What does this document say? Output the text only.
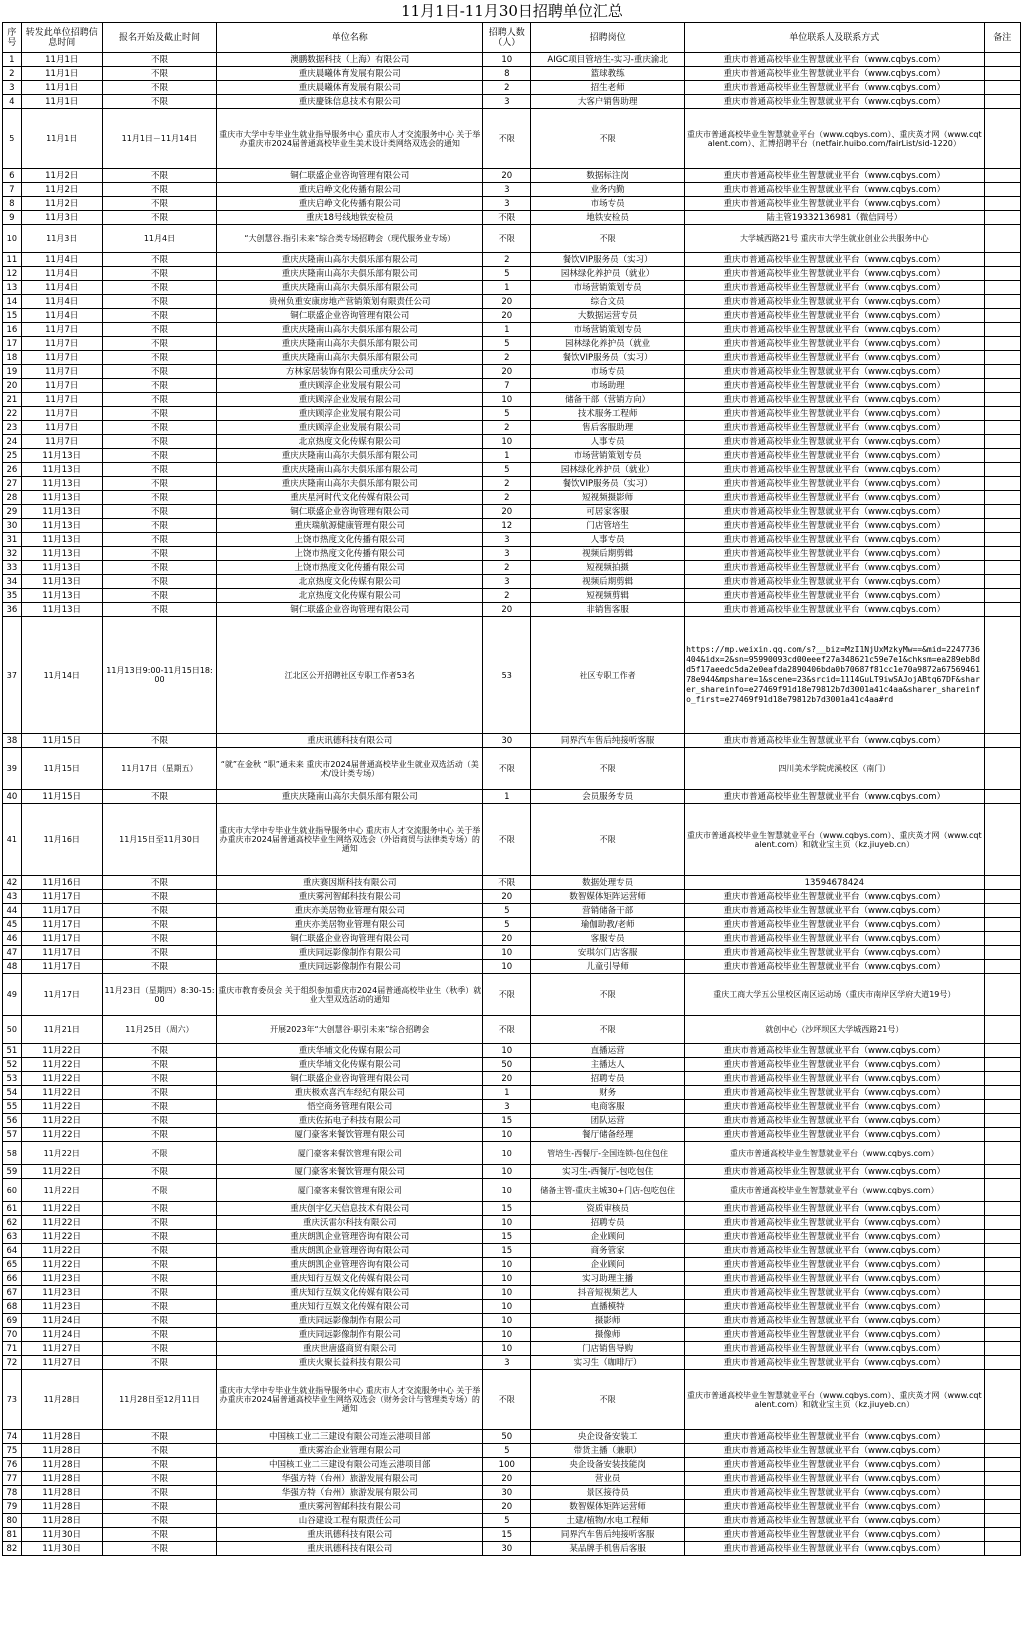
11月1日-11月30日招聘单位汇总
序号	转发此单位招聘信息时间	报名开始及截止时间	单位名称	招聘人数（人）	招聘岗位	单位联系人及联系方式	备注
1	11月1日	不限	澳鹏数据科技（上海）有限公司	10	AIGC项目管培生-实习-重庆渝北	重庆市普通高校毕业生智慧就业平台（www.cqbys.com）	
2	11月1日	不限	重庆晨曦体育发展有限公司	8	篮球教练	重庆市普通高校毕业生智慧就业平台（www.cqbys.com）	
3	11月1日	不限	重庆晨曦体育发展有限公司	2	招生老师	重庆市普通高校毕业生智慧就业平台（www.cqbys.com）	
4	11月1日	不限	重庆慶铢信息技术有限公司	3	大客户销售助理	重庆市普通高校毕业生智慧就业平台（www.cqbys.com）	
5	11月1日	11月1日－11月14日	重庆市大学中专毕业生就业指导服务中心 重庆市人才交流服务中心 关于举办重庆市2024届普通高校毕业生美术设计类网络双选会的通知	不限	不限	重庆市普通高校毕业生智慧就业平台（www.cqbys.com）、重庆英才网（www.cqtalent.com）、汇博招聘平台（netfair.huibo.com/fairList/sid-1220）	
6	11月2日	不限	铜仁联盛企业咨询管理有限公司	20	数据标注岗	重庆市普通高校毕业生智慧就业平台（www.cqbys.com）	
7	11月2日	不限	重庆启峥文化传播有限公司	3	业务内勤	重庆市普通高校毕业生智慧就业平台（www.cqbys.com）	
8	11月2日	不限	重庆启峥文化传播有限公司	3	市场专员	重庆市普通高校毕业生智慧就业平台（www.cqbys.com）	
9	11月3日	不限	重庆18号线地铁安检员	不限	地铁安检员	陆主管19332136981（微信同号）	
10	11月3日	11月4日	“大创慧谷.指引未来”综合类专场招聘会（现代服务业专场）	不限	不限	大学城西路21号 重庆市大学生就业创业公共服务中心	
11	11月4日	不限	重庆庆隆南山高尔夫俱乐部有限公司	2	餐饮VIP服务员（实习）	重庆市普通高校毕业生智慧就业平台（www.cqbys.com）	
12	11月4日	不限	重庆庆隆南山高尔夫俱乐部有限公司	5	园林绿化养护员（就业）	重庆市普通高校毕业生智慧就业平台（www.cqbys.com）	
13	11月4日	不限	重庆庆隆南山高尔夫俱乐部有限公司	1	市场营销策划专员	重庆市普通高校毕业生智慧就业平台（www.cqbys.com）	
14	11月4日	不限	贵州负重安康房地产营销策划有限责任公司	20	综合文员	重庆市普通高校毕业生智慧就业平台（www.cqbys.com）	
15	11月4日	不限	铜仁联盛企业咨询管理有限公司	20	大数据运营专员	重庆市普通高校毕业生智慧就业平台（www.cqbys.com）	
16	11月7日	不限	重庆庆隆南山高尔夫俱乐部有限公司	1	市场营销策划专员	重庆市普通高校毕业生智慧就业平台（www.cqbys.com）	
17	11月7日	不限	重庆庆隆南山高尔夫俱乐部有限公司	5	园林绿化养护员（就业	重庆市普通高校毕业生智慧就业平台（www.cqbys.com）	
18	11月7日	不限	重庆庆隆南山高尔夫俱乐部有限公司	2	餐饮VIP服务员（实习）	重庆市普通高校毕业生智慧就业平台（www.cqbys.com）	
19	11月7日	不限	方林家居装饰有限公司重庆分公司	20	市场专员	重庆市普通高校毕业生智慧就业平台（www.cqbys.com）	
20	11月7日	不限	重庆顾淳企业发展有限公司	7	市场助理	重庆市普通高校毕业生智慧就业平台（www.cqbys.com）	
21	11月7日	不限	重庆顾淳企业发展有限公司	10	储备干部（营销方向）	重庆市普通高校毕业生智慧就业平台（www.cqbys.com）	
22	11月7日	不限	重庆顾淳企业发展有限公司	5	技术服务工程师	重庆市普通高校毕业生智慧就业平台（www.cqbys.com）	
23	11月7日	不限	重庆顾淳企业发展有限公司	2	售后客服助理	重庆市普通高校毕业生智慧就业平台（www.cqbys.com）	
24	11月7日	不限	北京热度文化传媒有限公司	10	人事专员	重庆市普通高校毕业生智慧就业平台（www.cqbys.com）	
25	11月13日	不限	重庆庆隆南山高尔夫俱乐部有限公司	1	市场营销策划专员	重庆市普通高校毕业生智慧就业平台（www.cqbys.com）	
26	11月13日	不限	重庆庆隆南山高尔夫俱乐部有限公司	5	园林绿化养护员（就业）	重庆市普通高校毕业生智慧就业平台（www.cqbys.com）	
27	11月13日	不限	重庆庆隆南山高尔夫俱乐部有限公司	2	餐饮VIP服务员（实习）	重庆市普通高校毕业生智慧就业平台（www.cqbys.com）	
28	11月13日	不限	重庆星河时代文化传媒有限公司	2	短视频摄影师	重庆市普通高校毕业生智慧就业平台（www.cqbys.com）	
29	11月13日	不限	铜仁联盛企业咨询管理有限公司	20	可居家客服	重庆市普通高校毕业生智慧就业平台（www.cqbys.com）	
30	11月13日	不限	重庆瑞航源健康管理有限公司	12	门店管培生	重庆市普通高校毕业生智慧就业平台（www.cqbys.com）	
31	11月13日	不限	上饶市热度文化传播有限公司	3	人事专员	重庆市普通高校毕业生智慧就业平台（www.cqbys.com）	
32	11月13日	不限	上饶市热度文化传播有限公司	3	视频后期剪辑	重庆市普通高校毕业生智慧就业平台（www.cqbys.com）	
33	11月13日	不限	上饶市热度文化传播有限公司	2	短视频拍摄	重庆市普通高校毕业生智慧就业平台（www.cqbys.com）	
34	11月13日	不限	北京热度文化传媒有限公司	3	视频后期剪辑	重庆市普通高校毕业生智慧就业平台（www.cqbys.com）	
35	11月13日	不限	北京热度文化传媒有限公司	2	短视频剪辑	重庆市普通高校毕业生智慧就业平台（www.cqbys.com）	
36	11月13日	不限	铜仁联盛企业咨询管理有限公司	20	非销售客服	重庆市普通高校毕业生智慧就业平台（www.cqbys.com）	
37	11月14日	11月13日9:00-11月15日18:00	江北区公开招聘社区专职工作者53名	53	社区专职工作者	https://mp.weixin.qq.com/s?__biz=MzI1NjUxMzkyMw==&mid=2247736404&idx=2&sn=95990093cd00eeef27a348621c59e7e1&chksm=ea289eb8dd5f17aeedc5da2e0eafda2890406bda0b70687f81cc1e70a9872a6756946178e944&mpshare=1&scene=23&srcid=1114GuLT9iwSAJojABtq67DF&sharer_shareinfo=e27469f91d18e79812b7d3001a41c4aa&sharer_shareinfo_first=e27469f91d18e79812b7d3001a41c4aa#rd	
38	11月15日	不限	重庆讯德科技有限公司	30	同界汽车售后纯接听客服	重庆市普通高校毕业生智慧就业平台（www.cqbys.com）	
39	11月15日	11月17日（星期五）	“就”在金秋 “职”通未来 重庆市2024届普通高校毕业生就业双选活动（美术/设计类专场）	不限	不限	四川美术学院虎溪校区（南门）	
40	11月15日	不限	重庆庆隆南山高尔夫俱乐部有限公司	1	会员服务专员	重庆市普通高校毕业生智慧就业平台（www.cqbys.com）	
41	11月16日	11月15日至11月30日	重庆市大学中专毕业生就业指导服务中心 重庆市人才交流服务中心 关于举办重庆市2024届普通高校毕业生网络双选会（外语商贸与法律类专场）的通知	不限	不限	重庆市普通高校毕业生智慧就业平台（www.cqbys.com）、重庆英才网（www.cqtalent.com）和就业宝主页（kz.jiuyeb.cn）	
42	11月16日	不限	重庆赛因斯科技有限公司	不限	数据处理专员	13594678424	
43	11月17日	不限	重庆雾河智邮科技有限公司	20	数智媒体矩阵运营师	重庆市普通高校毕业生智慧就业平台（www.cqbys.com）	
44	11月17日	不限	重庆亦美居物业管理有限公司	5	营销储备干部	重庆市普通高校毕业生智慧就业平台（www.cqbys.com）	
45	11月17日	不限	重庆亦美居物业管理有限公司	5	瑜伽助教/老师	重庆市普通高校毕业生智慧就业平台（www.cqbys.com）	
46	11月17日	不限	铜仁联盛企业咨询管理有限公司	20	客服专员	重庆市普通高校毕业生智慧就业平台（www.cqbys.com）	
47	11月17日	不限	重庆同远影像制作有限公司	10	安琪尔门店客服	重庆市普通高校毕业生智慧就业平台（www.cqbys.com）	
48	11月17日	不限	重庆同远影像制作有限公司	10	儿童引导师	重庆市普通高校毕业生智慧就业平台（www.cqbys.com）	
49	11月17日	11月23日（星期四）8:30-15:00	重庆市教育委员会 关于组织参加重庆市2024届普通高校毕业生（秋季）就业大型双选活动的通知	不限	不限	重庆工商大学五公里校区南区运动场（重庆市南岸区学府大道19号）	
50	11月21日	11月25日（周六）	开展2023年“大创慧谷·职引未来”综合招聘会	不限	不限	就创中心（沙坪坝区大学城西路21号）	
51	11月22日	不限	重庆华埔文化传媒有限公司	10	直播运营	重庆市普通高校毕业生智慧就业平台（www.cqbys.com）	
52	11月22日	不限	重庆华埔文化传媒有限公司	50	主播达人	重庆市普通高校毕业生智慧就业平台（www.cqbys.com）	
53	11月22日	不限	铜仁联盛企业咨询管理有限公司	20	招聘专员	重庆市普通高校毕业生智慧就业平台（www.cqbys.com）	
54	11月22日	不限	重庆极欢喜汽车经纪有限公司	1	财务	重庆市普通高校毕业生智慧就业平台（www.cqbys.com）	
55	11月22日	不限	悟空商务管理有限公司	3	电商客服	重庆市普通高校毕业生智慧就业平台（www.cqbys.com）	
56	11月22日	不限	重庆佐拓电子科技有限公司	15	团队运营	重庆市普通高校毕业生智慧就业平台（www.cqbys.com）	
57	11月22日	不限	厦门豪客来餐饮管理有限公司	10	餐厅储备经理	重庆市普通高校毕业生智慧就业平台（www.cqbys.com）	
58	11月22日	不限	厦门豪客来餐饮管理有限公司	10	管培生-西餐厅-全国连锁-包住包住	重庆市普通高校毕业生智慧就业平台（www.cqbys.com）	
59	11月22日	不限	厦门豪客来餐饮管理有限公司	10	实习生-西餐厅-包吃包住	重庆市普通高校毕业生智慧就业平台（www.cqbys.com）	
60	11月22日	不限	厦门豪客来餐饮管理有限公司	10	储备主管-重庆主城30+门店-包吃包住	重庆市普通高校毕业生智慧就业平台（www.cqbys.com）	
61	11月22日	不限	重庆创宇亿天信息技术有限公司	15	资质审核员	重庆市普通高校毕业生智慧就业平台（www.cqbys.com）	
62	11月22日	不限	重庆沃雷尔科技有限公司	10	招聘专员	重庆市普通高校毕业生智慧就业平台（www.cqbys.com）	
63	11月22日	不限	重庆朗凯企业管理咨询有限公司	15	企业顾问	重庆市普通高校毕业生智慧就业平台（www.cqbys.com）	
64	11月22日	不限	重庆朗凯企业管理咨询有限公司	15	商务管家	重庆市普通高校毕业生智慧就业平台（www.cqbys.com）	
65	11月22日	不限	重庆朗凯企业管理咨询有限公司	10	企业顾问	重庆市普通高校毕业生智慧就业平台（www.cqbys.com）	
66	11月23日	不限	重庆知行互娱文化传媒有限公司	10	实习助理主播	重庆市普通高校毕业生智慧就业平台（www.cqbys.com）	
67	11月23日	不限	重庆知行互娱文化传媒有限公司	10	抖音短视频艺人	重庆市普通高校毕业生智慧就业平台（www.cqbys.com）	
68	11月23日	不限	重庆知行互娱文化传媒有限公司	10	直播模特	重庆市普通高校毕业生智慧就业平台（www.cqbys.com）	
69	11月24日	不限	重庆同远影像制作有限公司	10	摄影师	重庆市普通高校毕业生智慧就业平台（www.cqbys.com）	
70	11月24日	不限	重庆同远影像制作有限公司	10	摄像师	重庆市普通高校毕业生智慧就业平台（www.cqbys.com）	
71	11月27日	不限	重庆世唐盛商贸有限公司	10	门店销售导购	重庆市普通高校毕业生智慧就业平台（www.cqbys.com）	
72	11月27日	不限	重庆火聚长益科技有限公司	3	实习生（咖啡厅）	重庆市普通高校毕业生智慧就业平台（www.cqbys.com）	
73	11月28日	11月28日至12月11日	重庆市大学中专毕业生就业指导服务中心 重庆市人才交流服务中心 关于举办重庆市2024届普通高校毕业生网络双选会（财务会计与管理类专场）的通知	不限	不限	重庆市普通高校毕业生智慧就业平台（www.cqbys.com）、重庆英才网（www.cqtalent.com）和就业宝主页（kz.jiuyeb.cn）	
74	11月28日	不限	中国核工业二三建设有限公司连云港项目部	50	央企设备安装工	重庆市普通高校毕业生智慧就业平台（www.cqbys.com）	
75	11月28日	不限	重庆雾治企业管理有限公司	5	带货主播（兼职）	重庆市普通高校毕业生智慧就业平台（www.cqbys.com）	
76	11月28日	不限	中国核工业二三建设有限公司连云港项目部	100	央企设备安装技能岗	重庆市普通高校毕业生智慧就业平台（www.cqbys.com）	
77	11月28日	不限	华强方特（台州）旅游发展有限公司	20	营业员	重庆市普通高校毕业生智慧就业平台（www.cqbys.com）	
78	11月28日	不限	华强方特（台州）旅游发展有限公司	30	景区接待员	重庆市普通高校毕业生智慧就业平台（www.cqbys.com）	
79	11月28日	不限	重庆雾河智邮科技有限公司	20	数智媒体矩阵运营师	重庆市普通高校毕业生智慧就业平台（www.cqbys.com）	
80	11月28日	不限	山谷建设工程有限责任公司	5	土建/植物/水电工程师	重庆市普通高校毕业生智慧就业平台（www.cqbys.com）	
81	11月30日	不限	重庆讯德科技有限公司	15	同界汽车售后纯接听客服	重庆市普通高校毕业生智慧就业平台（www.cqbys.com）	
82	11月30日	不限	重庆讯德科技有限公司	30	某品牌手机售后客服	重庆市普通高校毕业生智慧就业平台（www.cqbys.com）	
